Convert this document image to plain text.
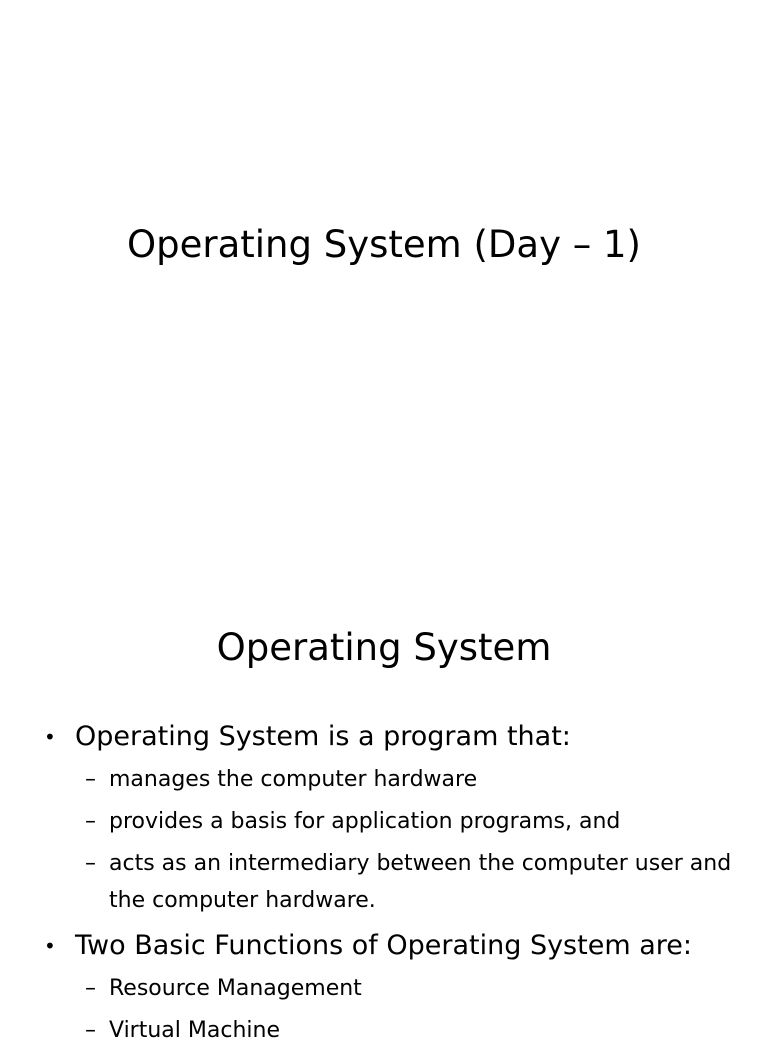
Operating System (Day – 1)
Operating System
• Operating System is a program that:
– manages the computer hardware
– provides a basis for application programs, and
– acts as an intermediary between the computer user and the computer hardware.
• Two Basic Functions of Operating System are:
– Resource Management
– Virtual Machine
